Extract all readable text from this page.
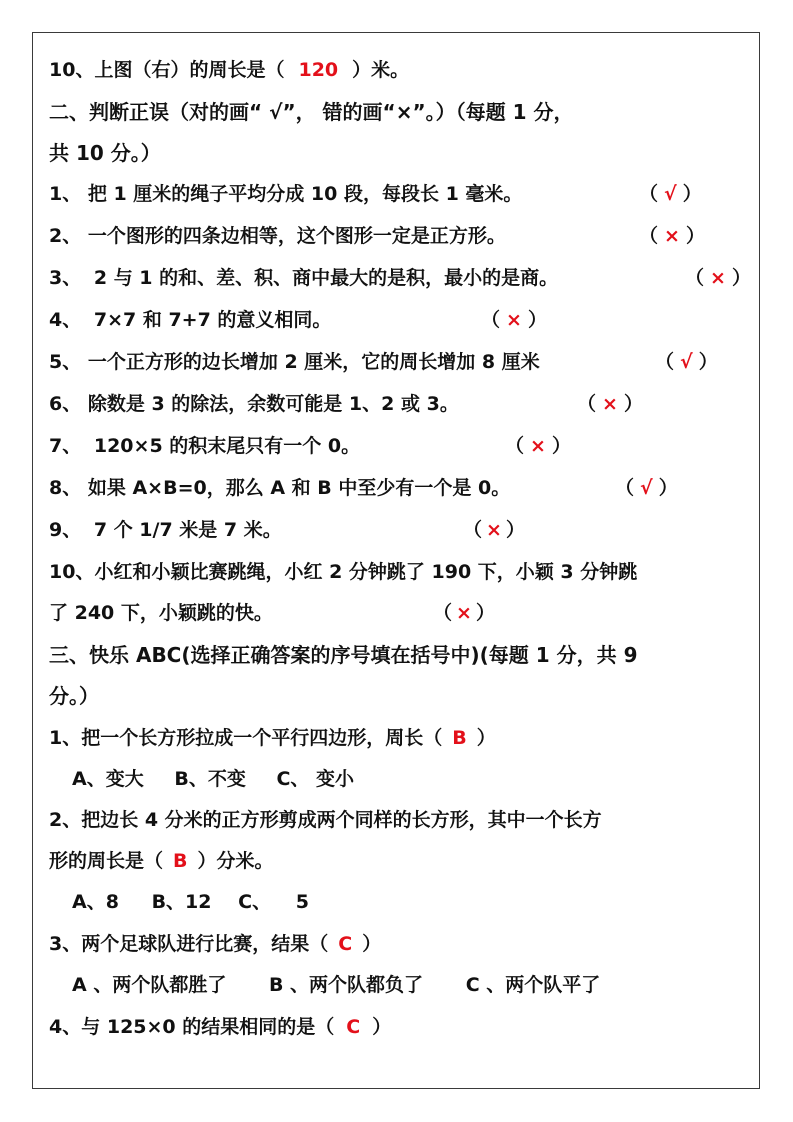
10、上图（右）的周长是（ 120 ）米。
二、判断正误（对的画“ √”， 错的画“×”。）（每题 1 分，
共 10 分。）
1、 把 1 厘米的绳子平均分成 10 段，每段长 1 毫米。	（ √ ）
2、 一个图形的四条边相等，这个图形一定是正方形。	（ × ）
3、 2 与 1 的和、差、积、商中最大的是积，最小的是商。	（ × ）
4、 7×7 和 7+7 的意义相同。	（ × ）
5、 一个正方形的边长增加 2 厘米，它的周长增加 8 厘米	（ √ ）
6、 除数是 3 的除法，余数可能是 1、2 或 3。	（ × ）
7、 120×5 的积末尾只有一个 0。	（ × ）
8、 如果 A×B=0，那么 A 和 B 中至少有一个是 0。	（ √ ）
9、 7 个 1/7 米是 7 米。	（ × ）
10、小红和小颖比赛跳绳，小红 2 分钟跳了 190 下，小颖 3 分钟跳
了 240 下，小颖跳的快。	（ × ）
三、快乐 ABC(选择正确答案的序号填在括号中)(每题 1 分，共 9
分。）
1、把一个长方形拉成一个平行四边形，周长（ B ）
A、变大 B、不变 C、 变小
2、把边长 4 分米的正方形剪成两个同样的长方形，其中一个长方
形的周长是（ B ）分米。
A、8 B、12 C、 5
3、两个足球队进行比赛，结果（ C ）
A 、两个队都胜了 B 、两个队都负了 C 、两个队平了
4、与 125×0 的结果相同的是（ C ）
